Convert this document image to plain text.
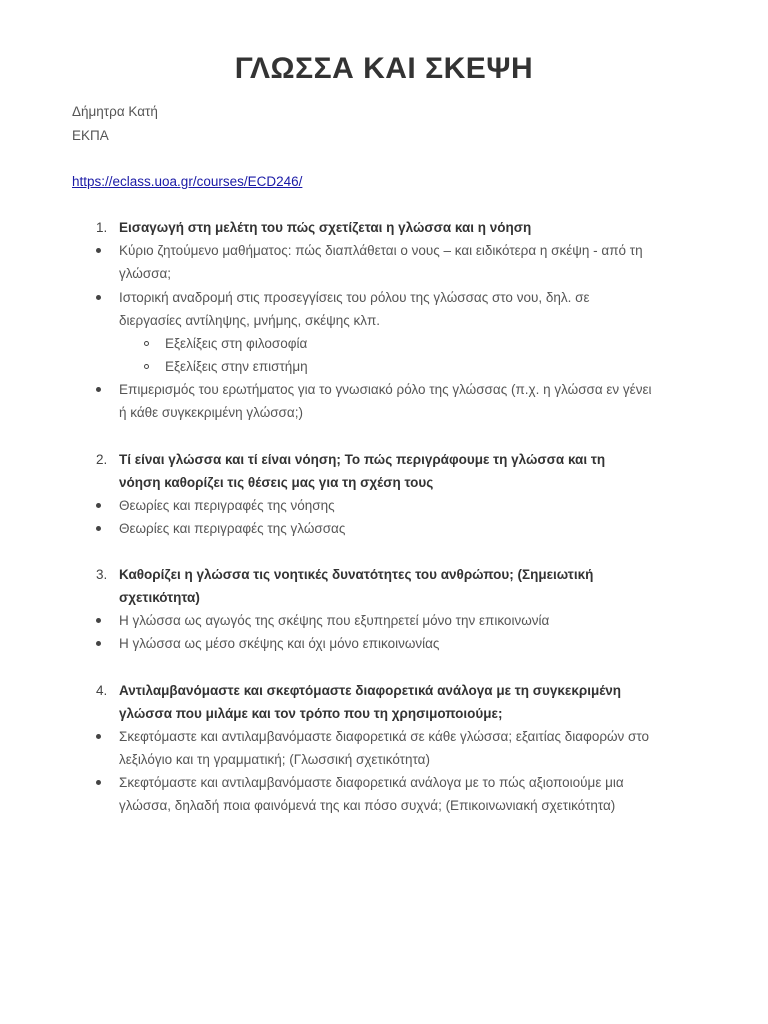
ΓΛΩΣΣΑ ΚΑΙ ΣΚΕΨΗ

Δήμητρα Κατή

ΕΚΠΑ

https://eclass.uoa.gr/courses/ECD246/

1. Εισαγωγή στη μελέτη του πώς σχετίζεται η γλώσσα και η νόηση

Κύριο ζητούμενο μαθήματος: πώς διαπλάθεται ο νους – και ειδικότερα η σκέψη - από τη

γλώσσα;

Ιστορική αναδρομή στις προσεγγίσεις του ρόλου της γλώσσας στο νου, δηλ. σε

διεργασίες αντίληψης, μνήμης, σκέψης κλπ.

Εξελίξεις στη φιλοσοφία

Εξελίξεις στην επιστήμη

Επιμερισμός του ερωτήματος για το γνωσιακό ρόλο της γλώσσας (π.χ. η γλώσσα εν γένει

ή κάθε συγκεκριμένη γλώσσα;)

2. Τί είναι γλώσσα και τί είναι νόηση; Το πώς περιγράφουμε τη γλώσσα και τη

νόηση καθορίζει τις θέσεις μας για τη σχέση τους

Θεωρίες και περιγραφές της νόησης

Θεωρίες και περιγραφές της γλώσσας

3. Καθορίζει η γλώσσα τις νοητικές δυνατότητες του ανθρώπου; (Σημειωτική

σχετικότητα)

Η γλώσσα ως αγωγός της σκέψης που εξυπηρετεί μόνο την επικοινωνία

Η γλώσσα ως μέσο σκέψης και όχι μόνο επικοινωνίας

4. Αντιλαμβανόμαστε και σκεφτόμαστε διαφορετικά ανάλογα με τη συγκεκριμένη

γλώσσα που μιλάμε και τον τρόπο που τη χρησιμοποιούμε;

Σκεφτόμαστε και αντιλαμβανόμαστε διαφορετικά σε κάθε γλώσσα; εξαιτίας διαφορών στο

λεξιλόγιο και τη γραμματική; (Γλωσσική σχετικότητα)

Σκεφτόμαστε και αντιλαμβανόμαστε διαφορετικά ανάλογα με το πώς αξιοποιούμε μια

γλώσσα, δηλαδή ποια φαινόμενά της και πόσο συχνά; (Επικοινωνιακή σχετικότητα)
